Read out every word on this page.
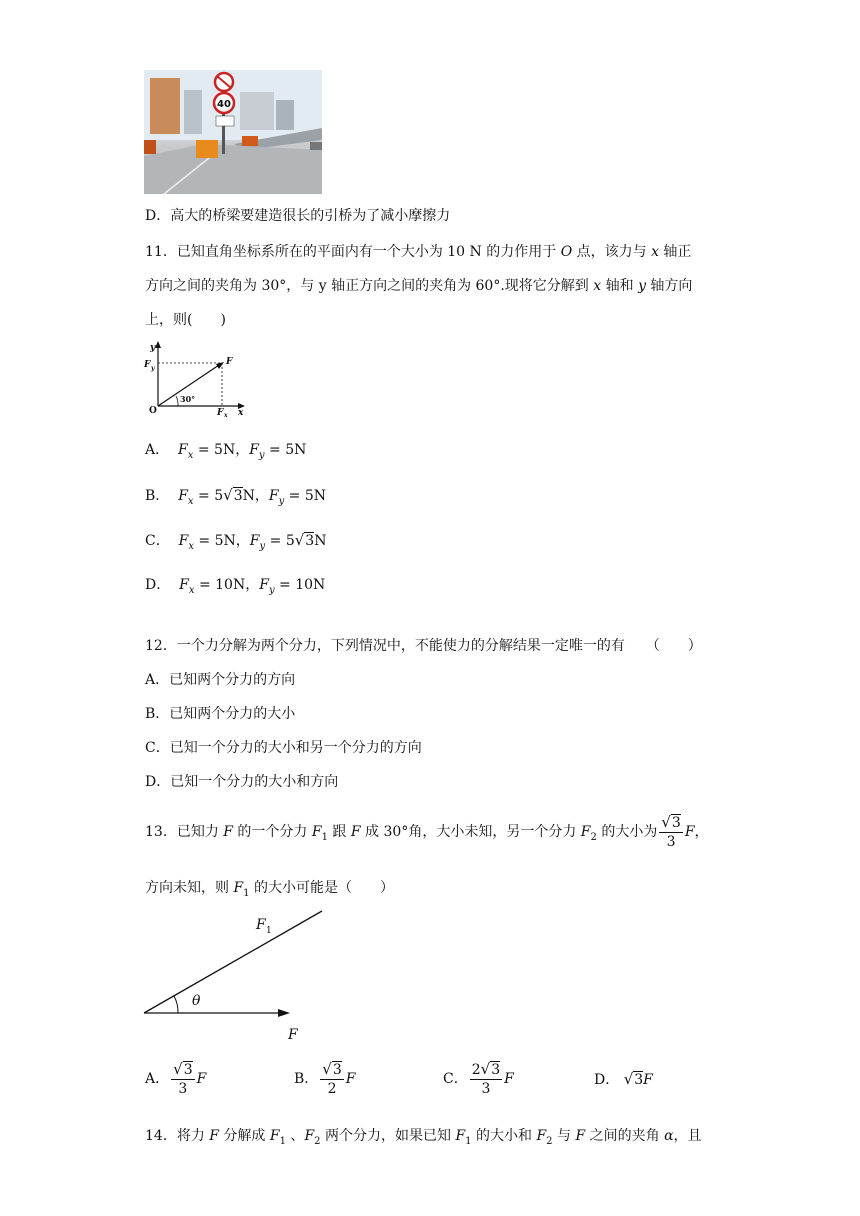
40
D．高大的桥梁要建造很长的引桥为了减小摩擦力
11．已知直角坐标系所在的平面内有一个大小为 10 N 的力作用于 O 点，该力与 x 轴正
方向之间的夹角为 30°，与 y 轴正方向之间的夹角为 60°.现将它分解到 x 轴和 y 轴方向
上，则(　　)
y
F y
F
O
30°
F x x
A． $F_x = 5N$，$F_y = 5N$
B． $F_x = 5√3N$，$F_y = 5N$
C． $F_x = 5N$，$F_y = 5√3N$
D． $F_x = 10N$，$F_y = 10N$
12．一个力分解为两个分力，下列情况中，不能使力的分解结果一定唯一的有　　（　　）
A．已知两个分力的方向
B．已知两个分力的大小
C．已知一个分力的大小和另一个分力的方向
D．已知一个分力的大小和方向
13．已知力 F 的一个分力 $F_1$ 跟 F 成 30°角，大小未知，另一个分力 $F_2$ 的大小为 $\frac{√3}{3}$ F，
方向未知，则 $F_1$ 的大小可能是（　　）
F 1
θ
F
A． $\frac{√3}{3}$ F	B． $\frac{√3}{2}$ F	C． $\frac{2√3}{3}$ F	D． √3F
14．将力 F 分解成 $F_1$ 、$F_2$ 两个分力，如果已知 $F_1$ 的大小和 $F_2$ 与 F 之间的夹角 α，且
